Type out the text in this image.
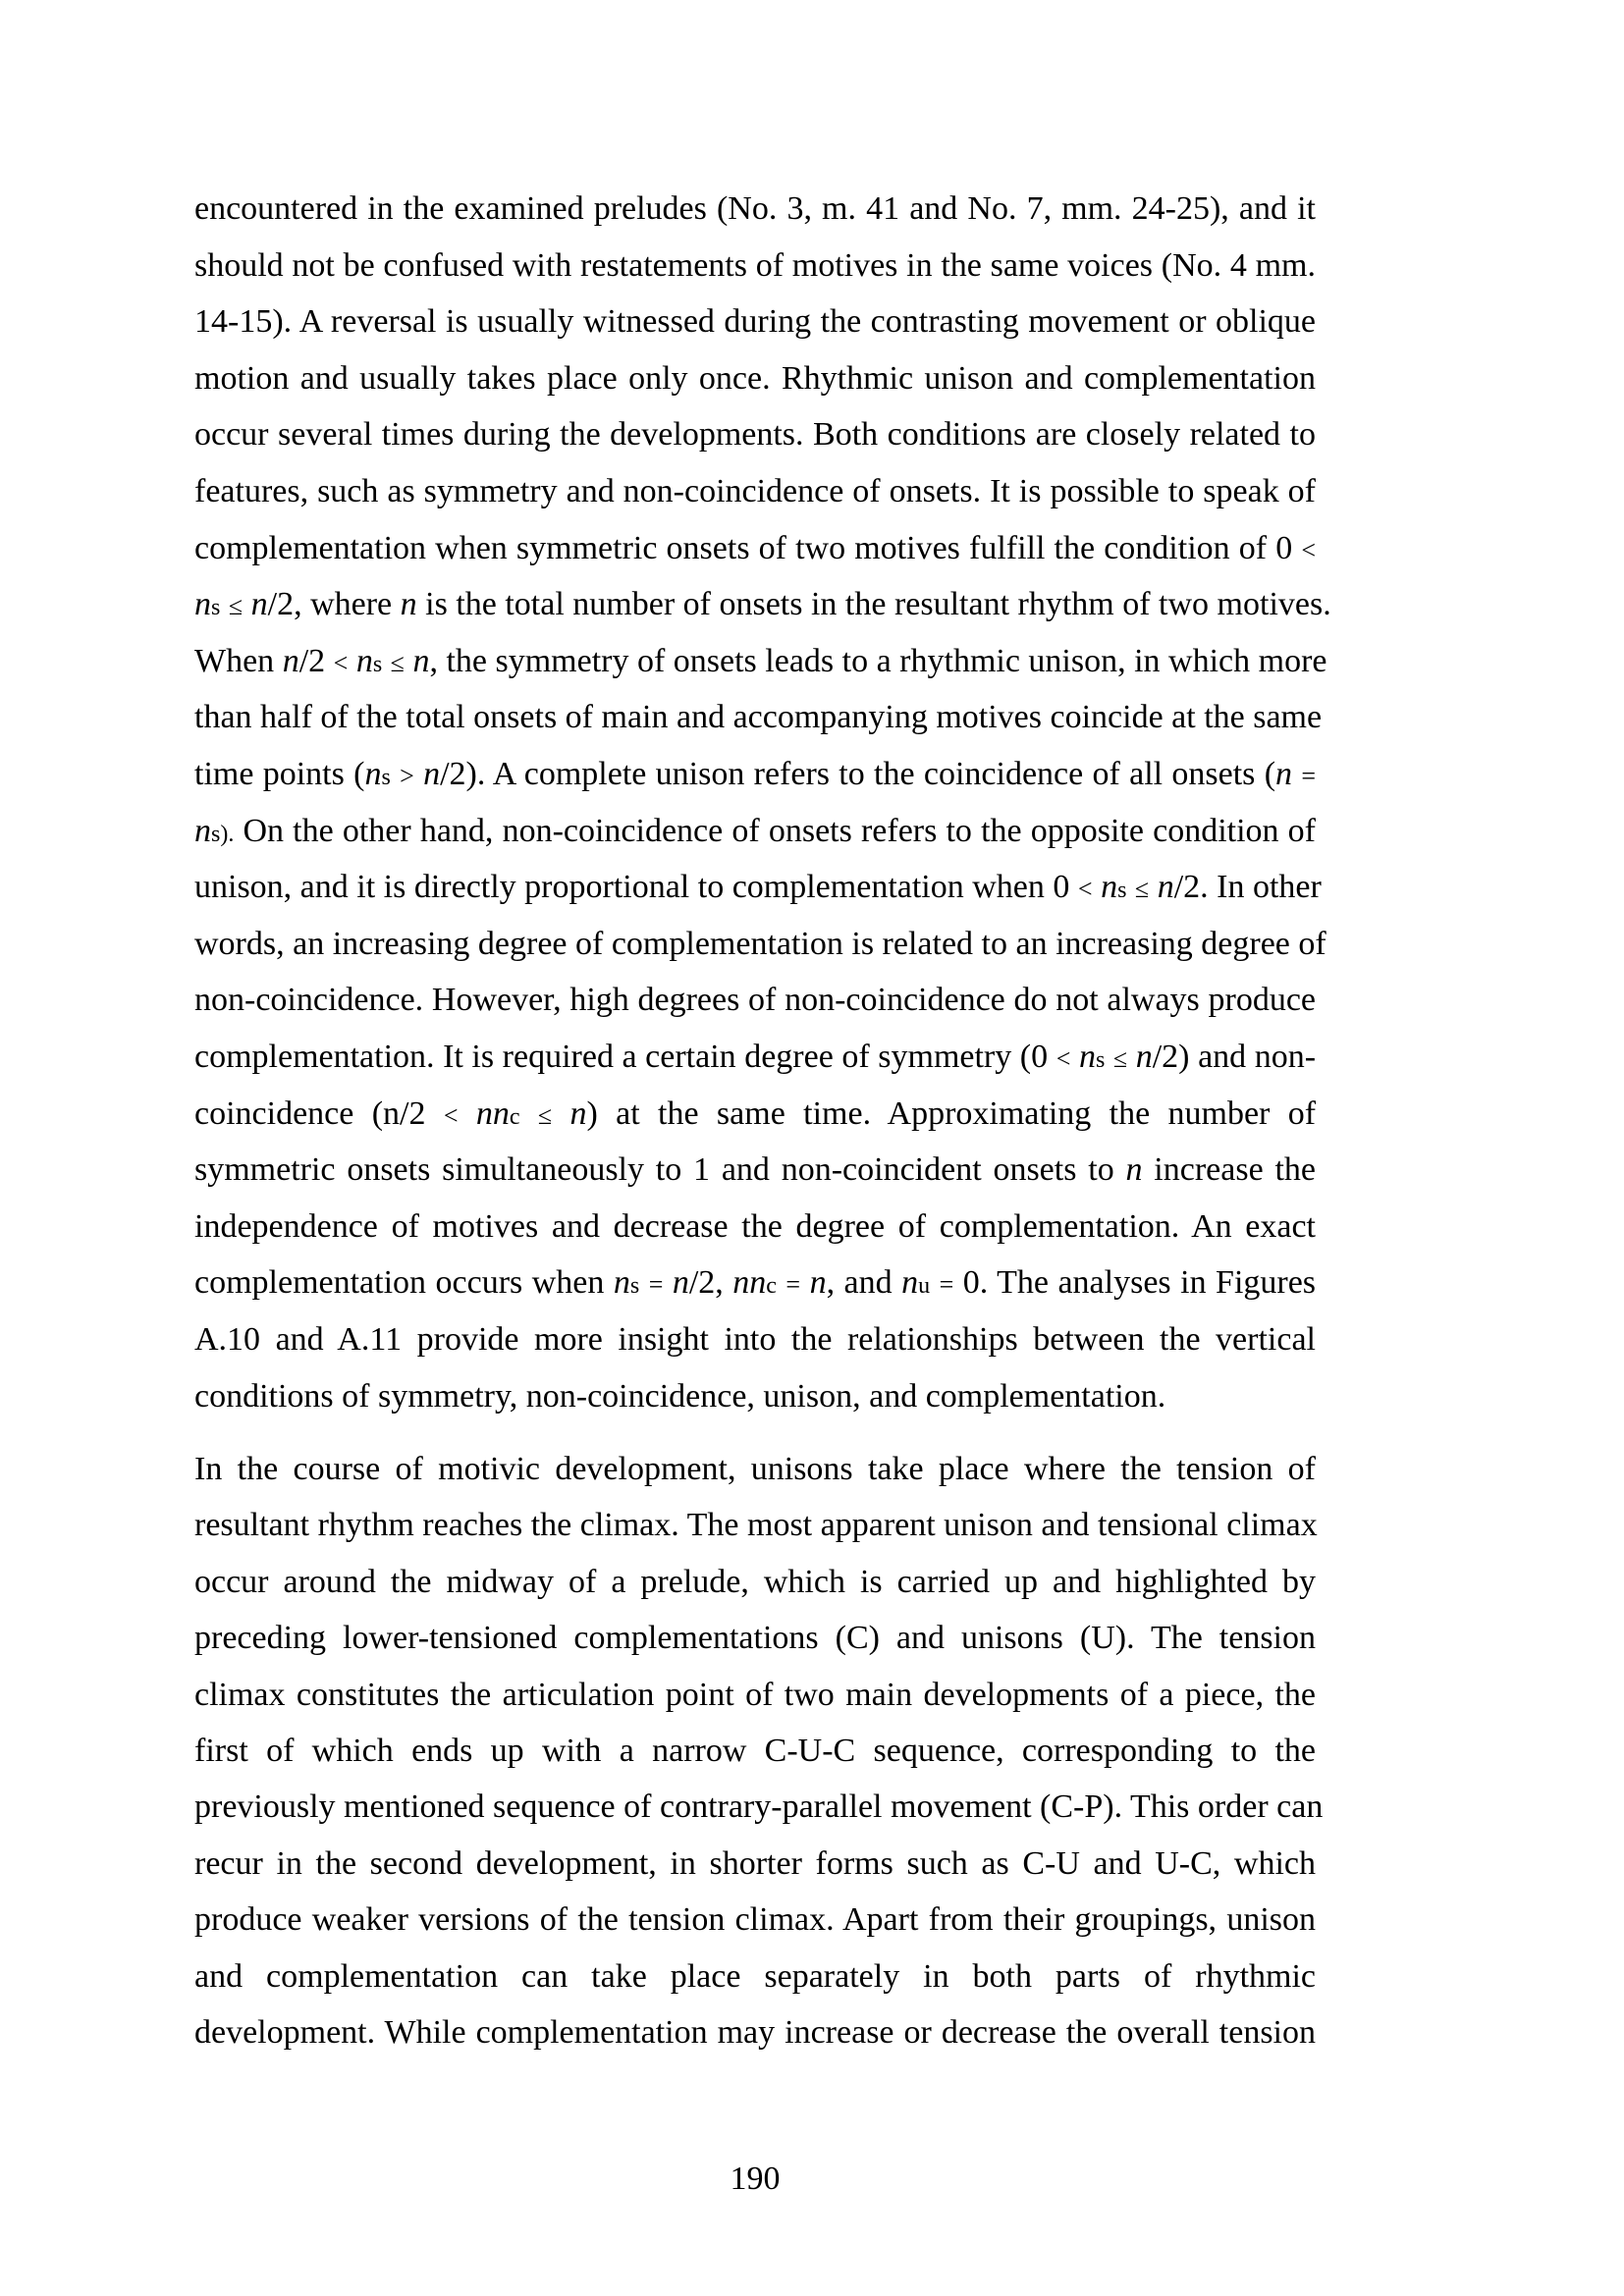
encountered in the examined preludes (No. 3, m. 41 and No. 7, mm. 24-25), and it
should not be confused with restatements of motives in the same voices (No. 4 mm.
14-15). A reversal is usually witnessed during the contrasting movement or oblique
motion and usually takes place only once. Rhythmic unison and complementation
occur several times during the developments. Both conditions are closely related to
features, such as symmetry and non-coincidence of onsets. It is possible to speak of
complementation when symmetric onsets of two motives fulfill the condition of 0 <
ns ≤ n/2, where n is the total number of onsets in the resultant rhythm of two motives.
When n/2 < ns ≤ n, the symmetry of onsets leads to a rhythmic unison, in which more
than half of the total onsets of main and accompanying motives coincide at the same
time points (ns > n/2). A complete unison refers to the coincidence of all onsets (n =
ns). On the other hand, non-coincidence of onsets refers to the opposite condition of
unison, and it is directly proportional to complementation when 0 < ns ≤ n/2. In other
words, an increasing degree of complementation is related to an increasing degree of
non-coincidence. However, high degrees of non-coincidence do not always produce
complementation. It is required a certain degree of symmetry (0 < ns ≤ n/2) and non-
coincidence (n/2 < nnc ≤ n) at the same time. Approximating the number of
symmetric onsets simultaneously to 1 and non-coincident onsets to n increase the
independence of motives and decrease the degree of complementation. An exact
complementation occurs when ns = n/2, nnc = n, and nu = 0. The analyses in Figures
A.10 and A.11 provide more insight into the relationships between the vertical
conditions of symmetry, non-coincidence, unison, and complementation.
In the course of motivic development, unisons take place where the tension of
resultant rhythm reaches the climax. The most apparent unison and tensional climax
occur around the midway of a prelude, which is carried up and highlighted by
preceding lower-tensioned complementations (C) and unisons (U). The tension
climax constitutes the articulation point of two main developments of a piece, the
first of which ends up with a narrow C-U-C sequence, corresponding to the
previously mentioned sequence of contrary-parallel movement (C-P). This order can
recur in the second development, in shorter forms such as C-U and U-C, which
produce weaker versions of the tension climax. Apart from their groupings, unison
and complementation can take place separately in both parts of rhythmic
development. While complementation may increase or decrease the overall tension
190
